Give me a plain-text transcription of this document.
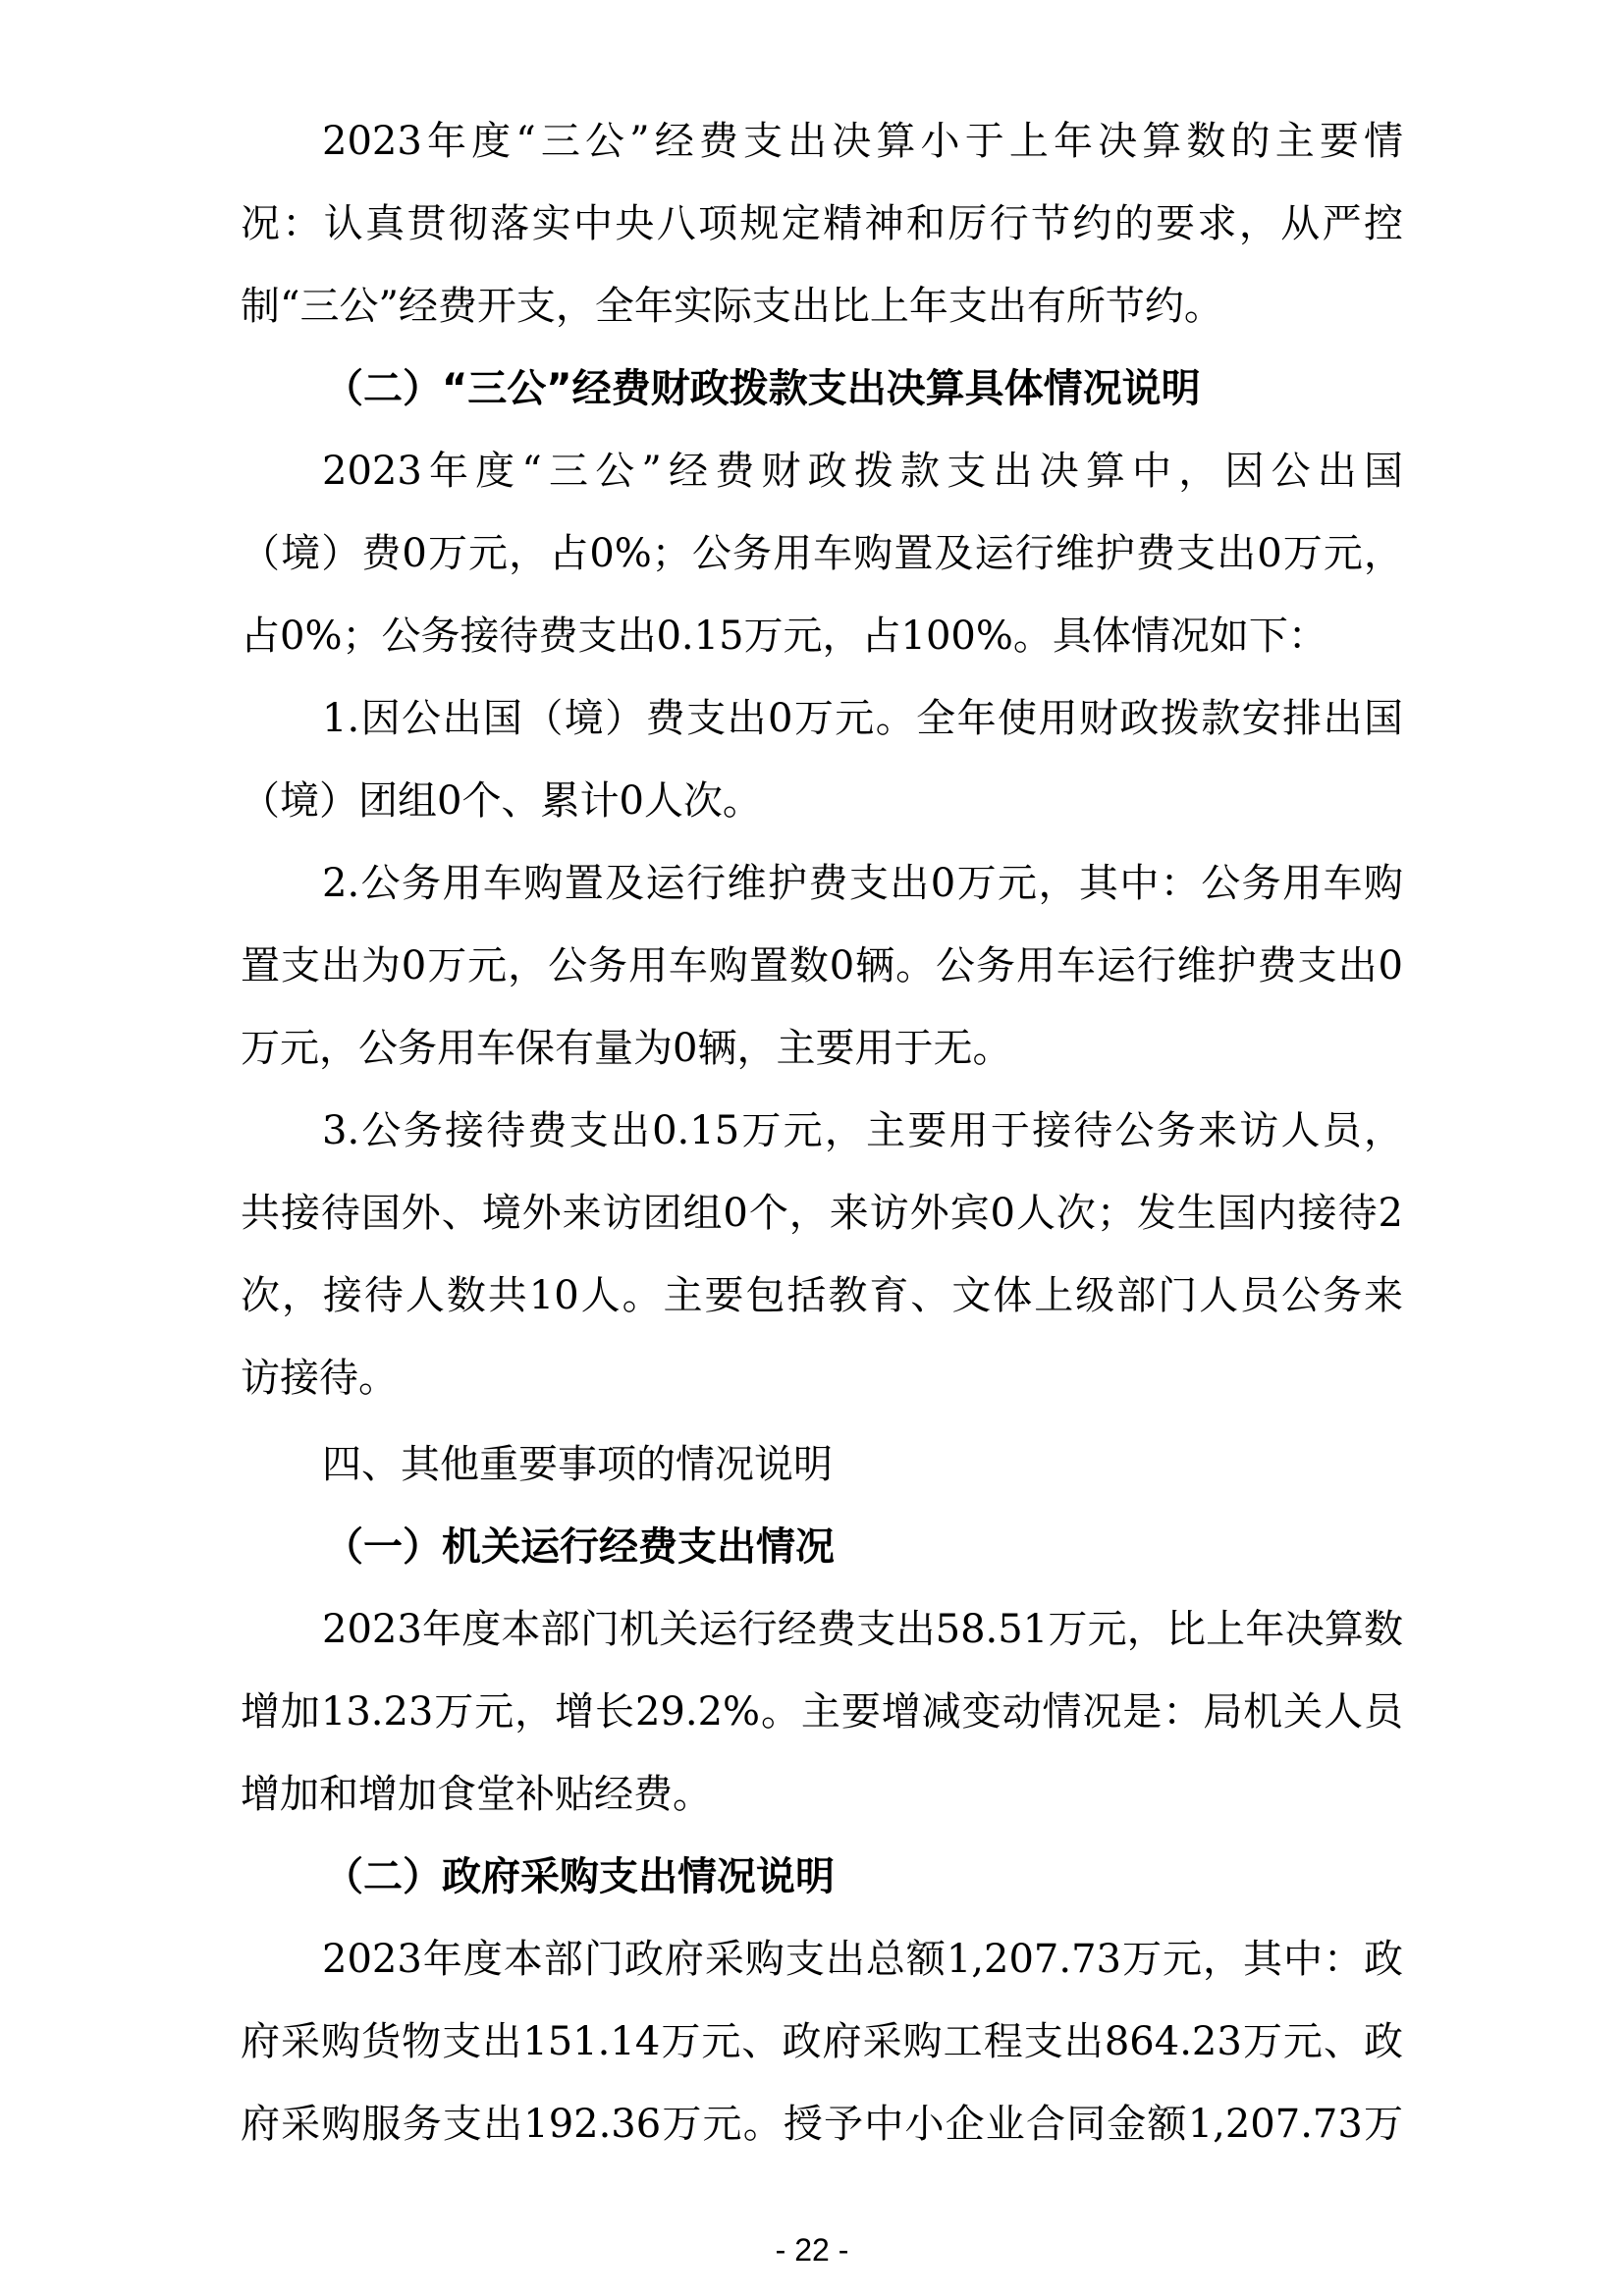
2023年度“三公”经费支出决算小于上年决算数的主要情
况：认真贯彻落实中央八项规定精神和厉行节约的要求，从严控
制“三公”经费开支，全年实际支出比上年支出有所节约。
（二）“三公”经费财政拨款支出决算具体情况说明
2023年度“三公”经费财政拨款支出决算中，因公出国
（境）费0万元，占0%；公务用车购置及运行维护费支出0万元，
占0%；公务接待费支出0.15万元，占100%。具体情况如下：
1.因公出国（境）费支出0万元。全年使用财政拨款安排出国
（境）团组0个、累计0人次。
2.公务用车购置及运行维护费支出0万元，其中：公务用车购
置支出为0万元，公务用车购置数0辆。公务用车运行维护费支出0
万元，公务用车保有量为0辆，主要用于无。
3.公务接待费支出0.15万元，主要用于接待公务来访人员，
共接待国外、境外来访团组0个，来访外宾0人次；发生国内接待2
次，接待人数共10人。主要包括教育、文体上级部门人员公务来
访接待。
四、其他重要事项的情况说明
（一）机关运行经费支出情况
2023年度本部门机关运行经费支出58.51万元，比上年决算数
增加13.23万元，增长29.2%。主要增减变动情况是：局机关人员
增加和增加食堂补贴经费。
（二）政府采购支出情况说明
2023年度本部门政府采购支出总额1,207.73万元，其中：政
府采购货物支出151.14万元、政府采购工程支出864.23万元、政
府采购服务支出192.36万元。授予中小企业合同金额1,207.73万
- 22 -
